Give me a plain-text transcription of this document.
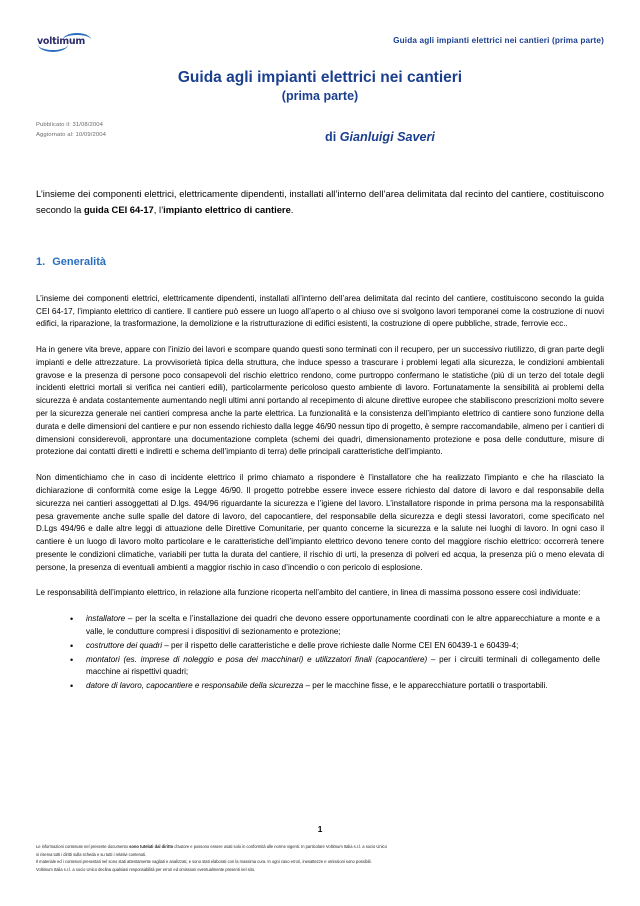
voltimum	Guida agli impianti elettrici nei cantieri (prima parte)
Guida agli impianti elettrici nei cantieri
(prima parte)
Pubblicato il: 31/08/2004
Aggiornato al: 10/09/2004	di Gianluigi Saveri
L’insieme dei componenti elettrici, elettricamente dipendenti, installati all’interno dell’area delimitata dal recinto del cantiere, costituiscono secondo la guida CEI 64-17, l’impianto elettrico di cantiere.
1. Generalità

L’insieme dei componenti elettrici, elettricamente dipendenti, installati all’interno dell’area delimitata dal recinto del cantiere, costituiscono secondo la guida CEI 64-17, l’impianto elettrico di cantiere. Il cantiere può essere un luogo all’aperto o al chiuso ove si svolgono lavori temporanei come la costruzione di nuovi edifici, la riparazione, la trasformazione, la demolizione e la ristrutturazione di edifici esistenti, la costruzione di opere pubbliche, strade, ferrovie ecc..

Ha in genere vita breve, appare con l’inizio dei lavori e scompare quando questi sono terminati con il recupero, per un successivo riutilizzo, di gran parte degli impianti e delle attrezzature. La provvisorietà tipica della struttura, che induce spesso a trascurare i problemi legati alla sicurezza, le condizioni ambientali gravose e la presenza di persone poco consapevoli del rischio elettrico rendono, come purtroppo confermano le statistiche (più di un terzo del totale degli incidenti elettrici mortali si verifica nei cantieri edili), particolarmente pericoloso questo ambiente di lavoro. Fortunatamente la sensibilità ai problemi della sicurezza è andata costantemente aumentando negli ultimi anni portando al recepimento di alcune direttive europee che stabiliscono prescrizioni molto severe per la sicurezza generale nei cantieri compresa anche la parte elettrica. La funzionalità e la consistenza dell’impianto elettrico di cantiere sono funzione della durata e delle dimensioni del cantiere e pur non essendo richiesto dalla legge 46/90 nessun tipo di progetto, è sempre raccomandabile, almeno per i cantieri di dimensioni considerevoli, approntare una documentazione completa (schemi dei quadri, dimensionamento protezione e posa delle condutture, misure di protezione dai contatti diretti e indiretti e schema dell’impianto di terra) delle principali caratteristiche dell’impianto.

Non dimentichiamo che in caso di incidente elettrico il primo chiamato a rispondere è l’installatore che ha realizzato l’impianto e che ha rilasciato la dichiarazione di conformità come esige la Legge 46/90. Il progetto potrebbe essere invece essere richiesto dal datore di lavoro e dal responsabile della sicurezza nei cantieri assoggettati al D.lgs. 494/96 riguardante la sicurezza e l’igiene del lavoro. L’installatore risponde in prima persona ma la responsabilità pesa gravemente anche sulle spalle del datore di lavoro, del capocantiere, del responsabile della sicurezza e degli stessi lavoratori, come specificato nel D.Lgs 494/96 e dalle altre leggi di attuazione delle Direttive Comunitarie, per quanto concerne la sicurezza e la salute nei luoghi di lavoro. In ogni caso il cantiere è un luogo di lavoro molto particolare e le caratteristiche dell’impianto elettrico devono tenere conto del maggiore rischio elettrico: occorrerà tenere presente le condizioni climatiche, variabili per tutta la durata del cantiere, il rischio di urti, la presenza di polveri ed acqua, la presenza più o meno elevata di persone, la presenza di eventuali ambienti a maggior rischio in caso d’incendio o con pericolo di esplosione.

Le responsabilità dell’impianto elettrico, in relazione alla funzione ricoperta nell’ambito del cantiere, in linea di massima possono essere così individuate:

• installatore – per la scelta e l’installazione dei quadri che devono essere opportunamente coordinati con le altre apparecchiature a monte e a valle, le condutture compresi i dispositivi di sezionamento e protezione;
• costruttore dei quadri – per il rispetto delle caratteristiche e delle prove richieste dalle Norme CEI EN 60439-1 e 60439-4;
• montatori (es. imprese di noleggio e posa dei macchinari) e utilizzatori finali (capocantiere) – per i circuiti terminali di collegamento delle macchine ai rispettivi quadri;
• datore di lavoro, capocantiere e responsabile della sicurezza – per le macchine fisse, e le apparecchiature portatili o trasportabili.
1
Le informazioni contenute nel presente documento sono tutelati dal diritto d’autore e possono essere usati solo in conformità alle norme vigenti. In particolare Voltimum Italia s.r.l. a socio Unico
si riserva tutti i diritti sulla scheda e su tutti i relativi contenuti.
Il materiale ed i contenuti presentati nel sono stati attentamente vagliati e analizzati, e sono stati elaborati con la massima cura. In ogni caso errori, inesattezze e omissioni sono possibili.
Voltimum Italia s.r.l. a socio Unico declina qualsiasi responsabilità per errori ed omissioni eventualmente presenti nel sito.
